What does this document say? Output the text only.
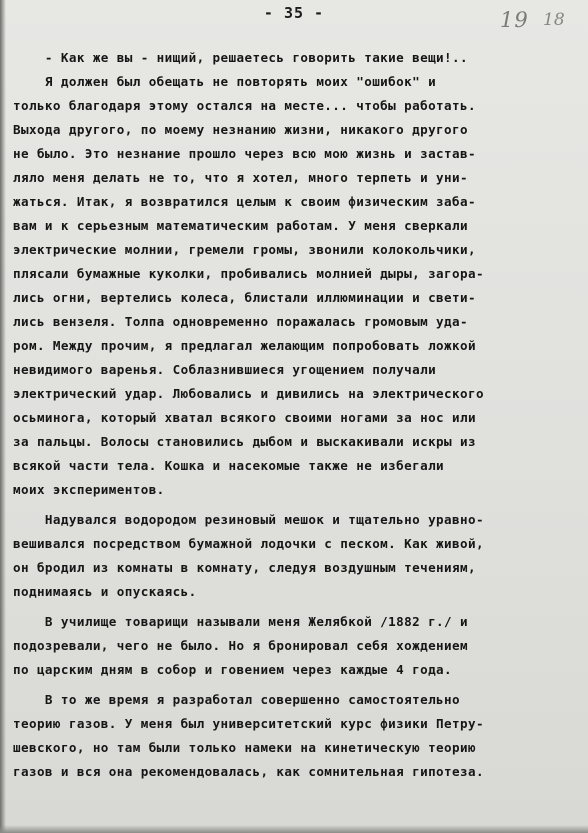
- 35 -	19 18
- Как же вы - нищий, решаетесь говорить такие вещи!..
Я должен был обещать не повторять моих "ошибок" и
только благодаря этому остался на месте... чтобы работать.
Выхода другого, по моему незнанию жизни, никакого другого
не было. Это незнание прошло через всю мою жизнь и застав-
ляло меня делать не то, что я хотел, много терпеть и уни-
жаться. Итак, я возвратился целым к своим физическим заба-
вам и к серьезным математическим работам. У меня сверкали
электрические молнии, гремели громы, звонили колокольчики,
плясали бумажные куколки, пробивались молнией дыры, загора-
лись огни, вертелись колеса, блистали иллюминации и свети-
лись вензеля. Толпа одновременно поражалась громовым уда-
ром. Между прочим, я предлагал желающим попробовать ложкой
невидимого варенья. Соблазнившиеся угощением получали
электрический удар. Любовались и дивились на электрического
осьминога, который хватал всякого своими ногами за нос или
за пальцы. Волосы становились дыбом и выскакивали искры из
всякой части тела. Кошка и насекомые также не избегали
моих экспериментов.
Надувался водородом резиновый мешок и тщательно уравно-
вешивался посредством бумажной лодочки с песком. Как живой,
он бродил из комнаты в комнату, следуя воздушным течениям,
поднимаясь и опускаясь.
В училище товарищи называли меня Желябкой /1882 г./ и
подозревали, чего не было. Но я бронировал себя хождением
по царским дням в собор и говением через каждые 4 года.
В то же время я разработал совершенно самостоятельно
теорию газов. У меня был университетский курс физики Петру-
шевского, но там были только намеки на кинетическую теорию
газов и вся она рекомендовалась, как сомнительная гипотеза.
